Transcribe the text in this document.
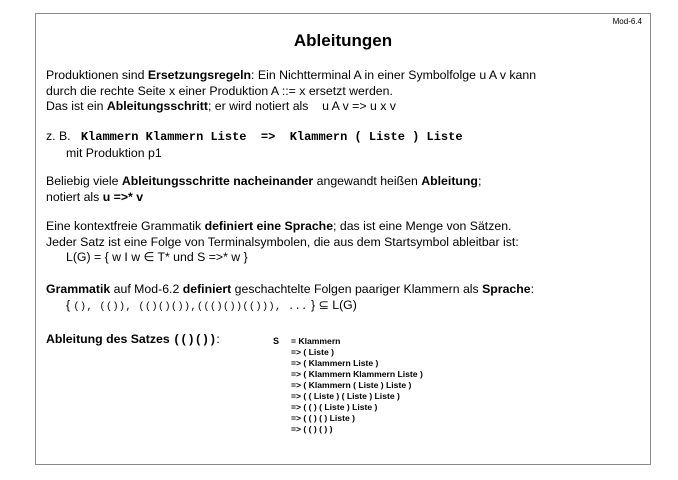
Mod-6.4
Ableitungen
Produktionen sind Ersetzungsregeln: Ein Nichtterminal A in einer Symbolfolge u A v kann
durch die rechte Seite x einer Produktion A ::= x ersetzt werden.
Das ist ein Ableitungsschritt; er wird notiert als    u A v => u x v
z. B. Klammern Klammern Liste  =>  Klammern ( Liste ) Liste
mit Produktion p1
Beliebig viele Ableitungsschritte nacheinander angewandt heißen Ableitung;
notiert als u =>* v
Eine kontextfreie Grammatik definiert eine Sprache; das ist eine Menge von Sätzen.
Jeder Satz ist eine Folge von Terminalsymbolen, die aus dem Startsymbol ableitbar ist:
L(G) = { w I w ∈ T* und S =>* w }
Grammatik auf Mod-6.2 definiert geschachtelte Folgen paariger Klammern als Sprache:
{ (), (()), (()()()),((()())(())), ... } ⊆ L(G)
Ableitung des Satzes (()()):	S = Klammern
=> ( Liste )
=> ( Klammern Liste )
=> ( Klammern Klammern Liste )
=> ( Klammern ( Liste ) Liste )
=> ( ( Liste ) ( Liste ) Liste )
=> ( ( ) ( Liste ) Liste )
=> ( ( ) ( ) Liste )
=> ( ( ) ( ) )
